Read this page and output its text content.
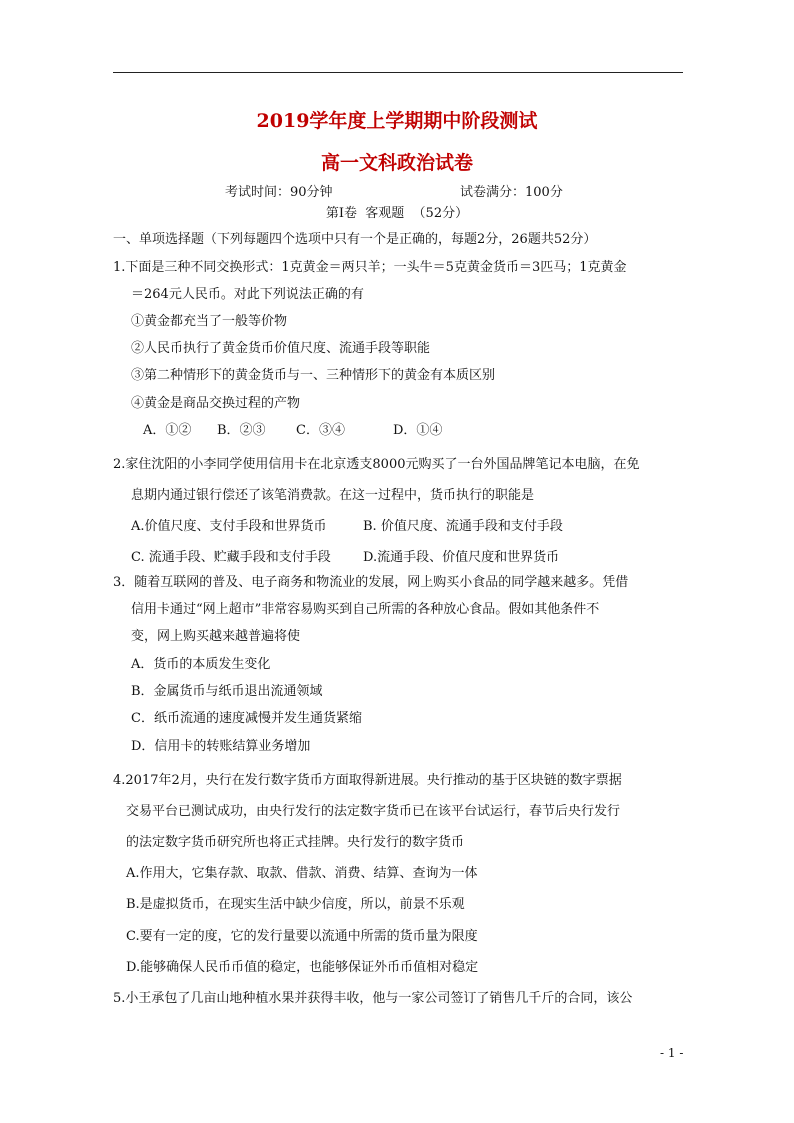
2019学年度上学期期中阶段测试
高一文科政治试卷
考试时间：90分钟	试卷满分：100分
第Ⅰ卷  客观题  （52分）
一、单项选择题（下列每题四个选项中只有一个是正确的，每题2分，26题共52分）
1.下面是三种不同交换形式：1克黄金＝两只羊；一头牛＝5克黄金货币＝3匹马；1克黄金
＝264元人民币。对此下列说法正确的有
①黄金都充当了一般等价物
②人民币执行了黄金货币价值尺度、流通手段等职能
③第二种情形下的黄金货币与一、三种情形下的黄金有本质区别
④黄金是商品交换过程的产物
A．①② B．②③ C．③④	D．①④
2.家住沈阳的小李同学使用信用卡在北京透支8000元购买了一台外国品牌笔记本电脑，在免
息期内通过银行偿还了该笔消费款。在这一过程中，货币执行的职能是
A.价值尺度、支付手段和世界货币	B. 价值尺度、流通手段和支付手段
C. 流通手段、贮藏手段和支付手段 D.流通手段、价值尺度和世界货币
3．随着互联网的普及、电子商务和物流业的发展，网上购买小食品的同学越来越多。凭借
信用卡通过“网上超市”非常容易购买到自己所需的各种放心食品。假如其他条件不
变，网上购买越来越普遍将使
A．货币的本质发生变化
B．金属货币与纸币退出流通领域
C．纸币流通的速度减慢并发生通货紧缩
D．信用卡的转账结算业务增加
4.2017年2月，央行在发行数字货币方面取得新进展。央行推动的基于区块链的数字票据
交易平台已测试成功，由央行发行的法定数字货币已在该平台试运行，春节后央行发行
的法定数字货币研究所也将正式挂牌。央行发行的数字货币
A.作用大，它集存款、取款、借款、消费、结算、查询为一体
B.是虚拟货币，在现实生活中缺少信度，所以，前景不乐观
C.要有一定的度，它的发行量要以流通中所需的货币量为限度
D.能够确保人民币币值的稳定，也能够保证外币币值相对稳定
5.小王承包了几亩山地种植水果并获得丰收，他与一家公司签订了销售几千斤的合同，该公
- 1 -
